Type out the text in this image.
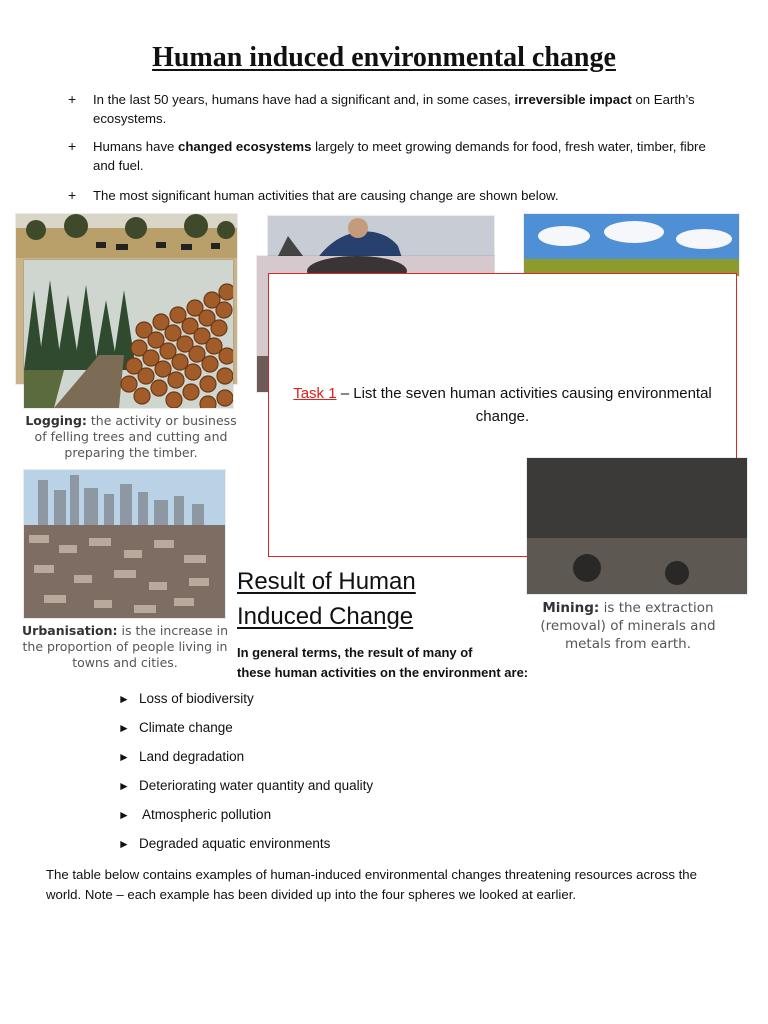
Human induced environmental change
+ In the last 50 years, humans have had a significant and, in some cases, irreversible impact on Earth’s ecosystems.
+ Humans have changed ecosystems largely to meet growing demands for food, fresh water, timber, fibre and fuel.
+ The most significant human activities that are causing change are shown below.
Logging: the activity or business of felling trees and cutting and preparing the timber.
Task 1 – List the seven human activities causing environmental change.
Urbanisation: is the increase in the proportion of people living in towns and cities.
Mining: is the extraction (removal) of minerals and metals from earth.
Result of Human
Induced Change
In general terms, the result of many of
these human activities on the environment are:
► Loss of biodiversity
► Climate change
► Land degradation
► Deteriorating water quantity and quality
► Atmospheric pollution
► Degraded aquatic environments
The table below contains examples of human-induced environmental changes threatening resources across the world. Note – each example has been divided up into the four spheres we looked at earlier.
